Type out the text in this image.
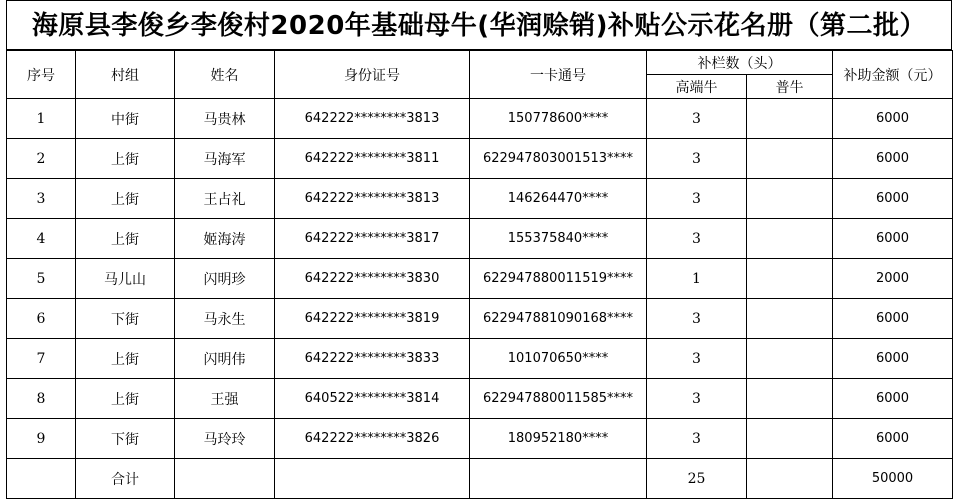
海原县李俊乡李俊村2020年基础母牛(华润赊销)补贴公示花名册（第二批）
序号	村组	姓名	身份证号	一卡通号	补栏数（头）		补助金额（元）
					高端牛	普牛	
1	中街	马贵林	642222********3813	150778600****	3		6000
2	上街	马海军	642222********3811	622947803001513****	3		6000
3	上街	王占礼	642222********3813	146264470****	3		6000
4	上街	姬海涛	642222********3817	155375840****	3		6000
5	马儿山	闪明珍	642222********3830	622947880011519****	1		2000
6	下街	马永生	642222********3819	622947881090168****	3		6000
7	上街	闪明伟	642222********3833	101070650****	3		6000
8	上街	王强	640522********3814	622947880011585****	3		6000
9	下街	马玲玲	642222********3826	180952180****	3		6000
	合计				25		50000
